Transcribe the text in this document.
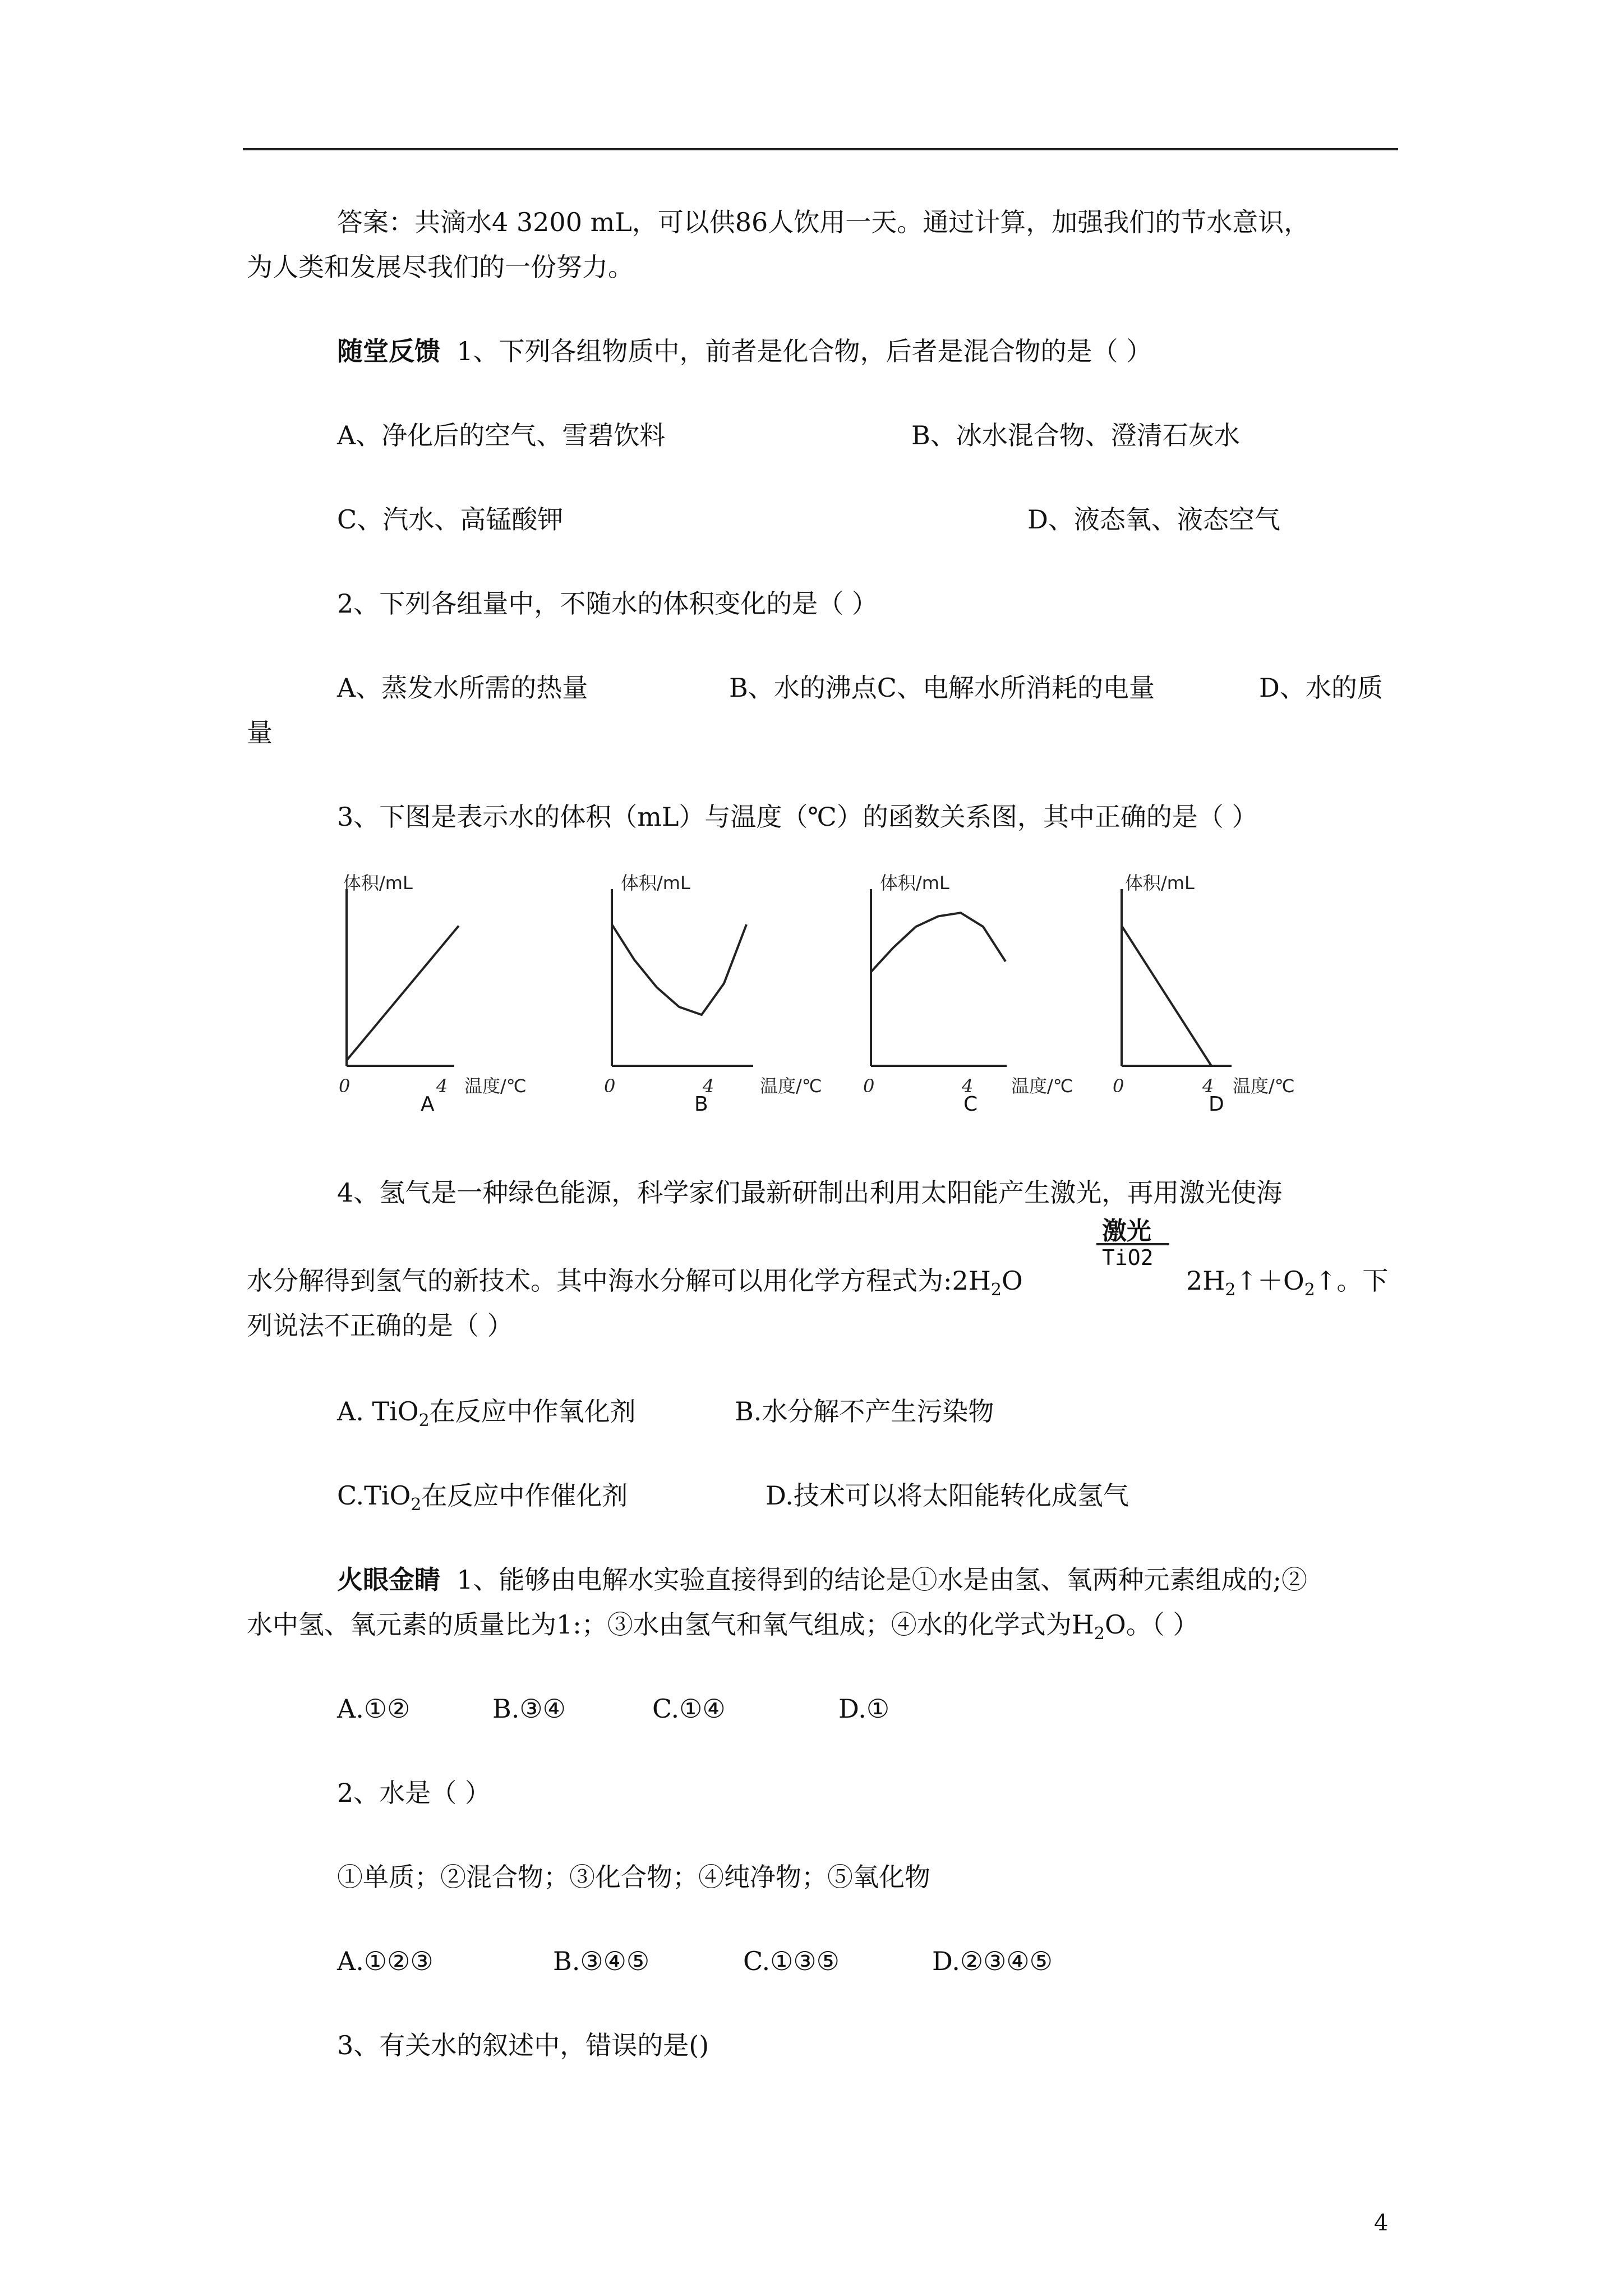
答案：共滴水4 3200 mL，可以供86人饮用一天。通过计算，加强我们的节水意识，
为人类和发展尽我们的一份努力。
随堂反馈 1、下列各组物质中，前者是化合物，后者是混合物的是（ ）
A、净化后的空气、雪碧饮料	B、冰水混合物、澄清石灰水
C、汽水、高锰酸钾	D、液态氧、液态空气
2、下列各组量中，不随水的体积变化的是（ ）
A、蒸发水所需的热量	B、水的沸点C、电解水所消耗的电量	D、水的质
量
3、下图是表示水的体积（mL）与温度（℃）的函数关系图，其中正确的是（ ）
体积/mL
0	4 温度/℃
体积/mL
0	4	温度/℃
体积/mL
0	4 温度/℃
体积/mL
0	4 温度/℃
A	B	C	D
4、氢气是一种绿色能源，科学家们最新研制出利用太阳能产生激光，再用激光使海
水分解得到氢气的新技术。其中海水分解可以用化学方程式为$:2H_2O$
激光
TiO2
$2H_2↑+O_2↑$。下
列说法不正确的是（ ）
A. TiO$_2$在反应中作氧化剂	B.水分解不产生污染物
C.TiO$_2$在反应中作催化剂	D.技术可以将太阳能转化成氢气
火眼金睛 1、能够由电解水实验直接得到的结论是①水是由氢、氧两种元素组成的;②
水中氢、氧元素的质量比为1:；③水由氢气和氧气组成；④水的化学式为$H_2O$。（ ）
A.①②	B.③④	C.①④	D.①
2、水是（ ）
①单质；②混合物；③化合物；④纯净物；⑤氧化物
A.①②③	B.③④⑤	C.①③⑤	D.②③④⑤
3、有关水的叙述中，错误的是()
4
